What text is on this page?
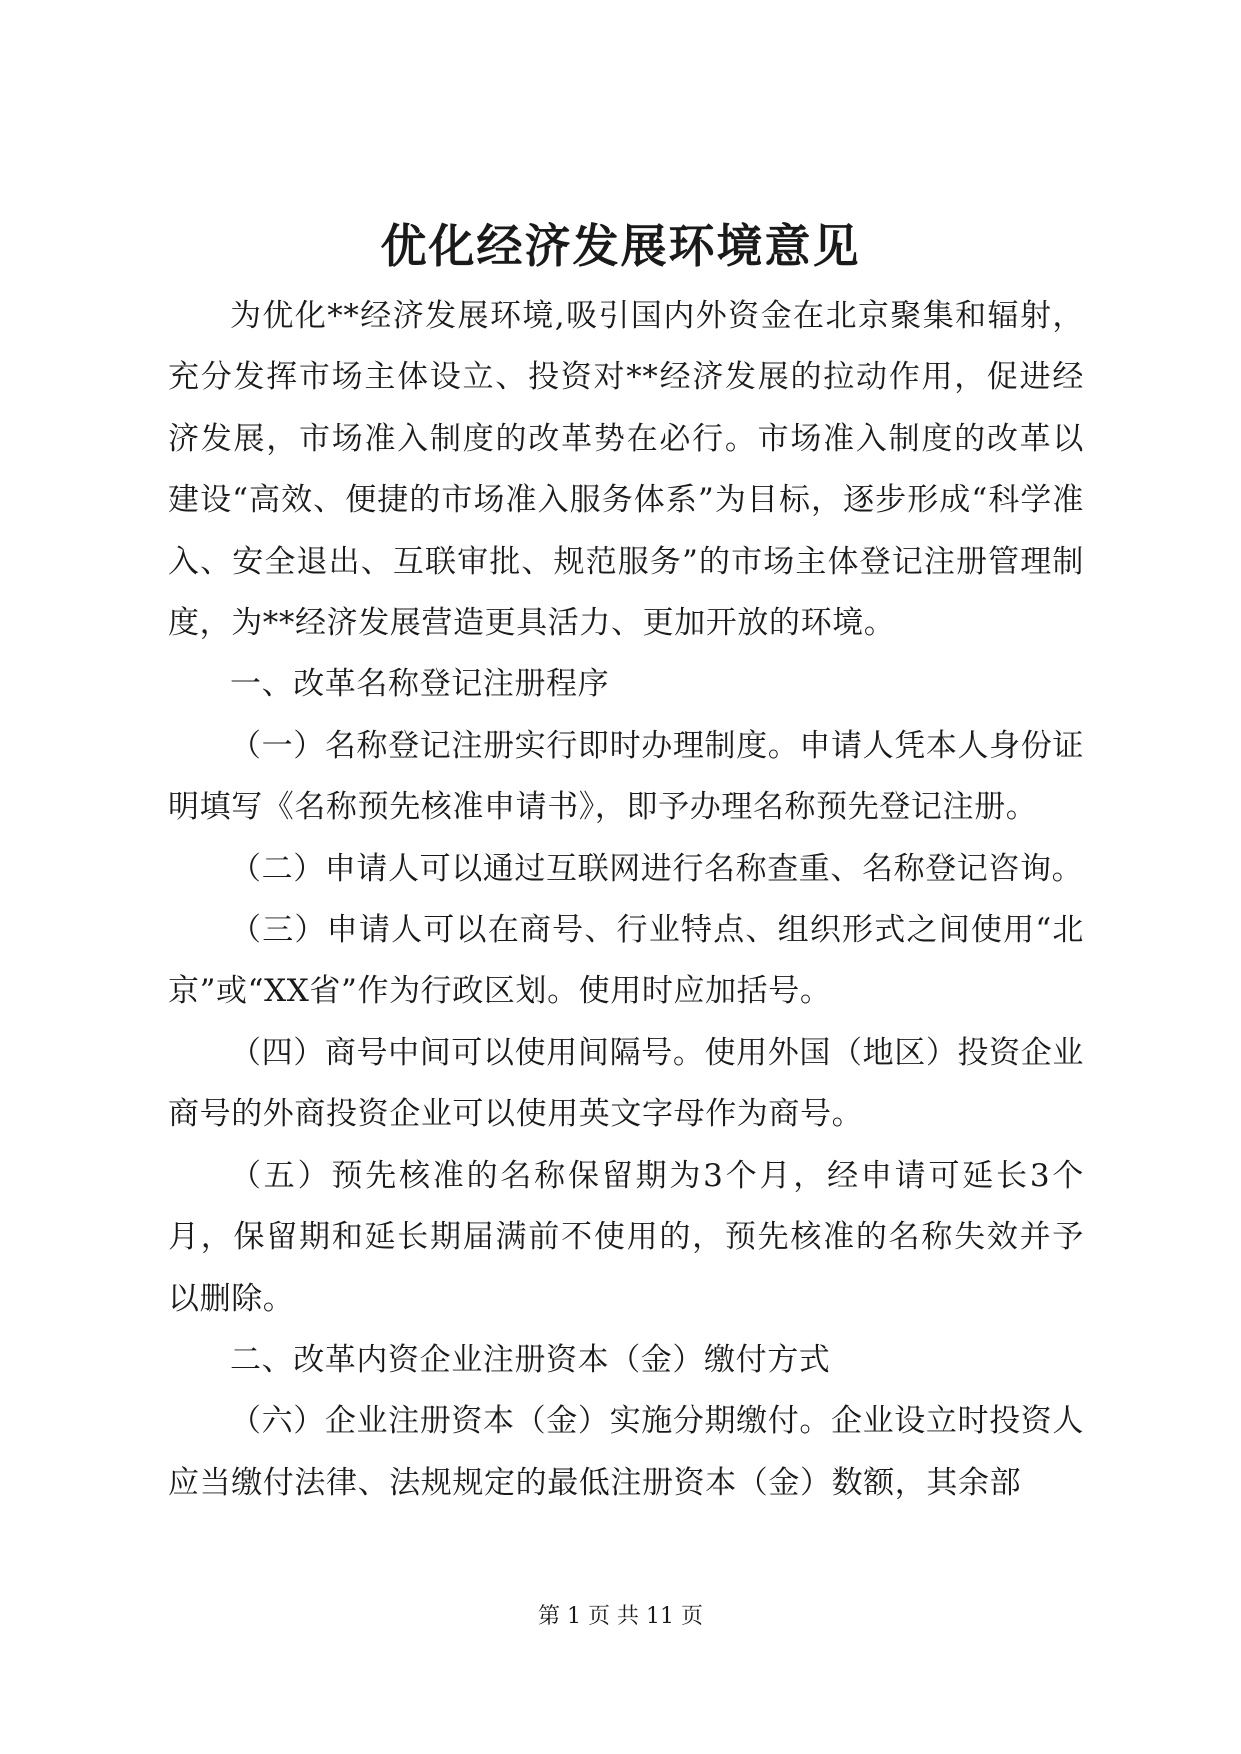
优化经济发展环境意见

为优化**经济发展环境,吸引国内外资金在北京聚集和辐射，充分发挥市场主体设立、投资对**经济发展的拉动作用，促进经济发展，市场准入制度的改革势在必行。市场准入制度的改革以建设“高效、便捷的市场准入服务体系”为目标，逐步形成“科学准入、安全退出、互联审批、规范服务”的市场主体登记注册管理制度，为**经济发展营造更具活力、更加开放的环境。

一、改革名称登记注册程序

（一）名称登记注册实行即时办理制度。申请人凭本人身份证明填写《名称预先核准申请书》，即予办理名称预先登记注册。

（二）申请人可以通过互联网进行名称查重、名称登记咨询。

（三）申请人可以在商号、行业特点、组织形式之间使用“北京”或“XX省”作为行政区划。使用时应加括号。

（四）商号中间可以使用间隔号。使用外国（地区）投资企业商号的外商投资企业可以使用英文字母作为商号。

（五）预先核准的名称保留期为3个月，经申请可延长3个月，保留期和延长期届满前不使用的，预先核准的名称失效并予以删除。

二、改革内资企业注册资本（金）缴付方式

（六）企业注册资本（金）实施分期缴付。企业设立时投资人应当缴付法律、法规规定的最低注册资本（金）数额，其余部

第 1 页 共 11 页
